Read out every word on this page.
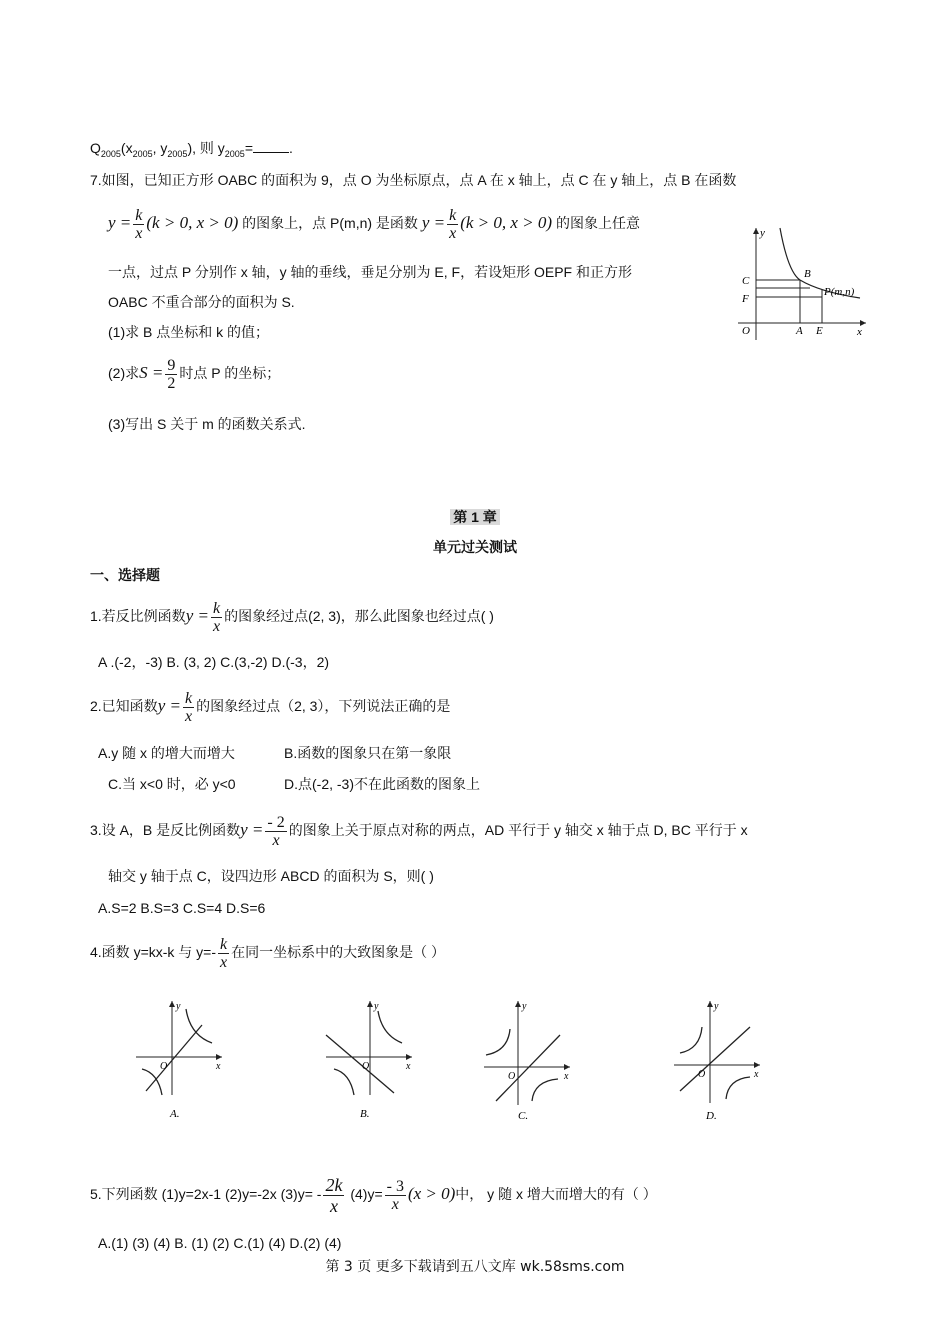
$Q_{2005}(x_{2005}$, $y_{2005}$), 则 $y_{2005}=$	.
7.如图，已知正方形 OABC 的面积为 9，点 O 为坐标原点，点 A 在 x 轴上，点 C 在 y 轴上，点 B 在函数
$y = \frac{k}{x} (k > 0$, x > 0) 的图象上，点 P(m,n) 是函数 $y = \frac{k}{x} (k > 0$, x > 0) 的图象上任意
一点，过点 P 分别作 x 轴，y 轴的垂线，垂足分别为 E, F，若设矩形 OEPF 和正方形
OABC 不重合部分的面积为 S.
(1)求 B 点坐标和 k 的值；
(2)求$S = \frac{9}{2}$ 时点 P 的坐标；
(3)写出 S 关于 m 的函数关系式.
y
x
O	A E
C
F
B
P(m,n)
第 1 章
单元过关测试
一、选择题
1.若反比例函数$y = \frac{k}{x}$ 的图象经过点(2, 3)，那么此图象也经过点( )
A .(-2，-3) B. (3, 2) C.(3,-2) D.(-3，2)
2.已知函数$y = \frac{k}{x}$ 的图象经过点（2, 3），下列说法正确的是
A.y 随 x 的增大而增大	B.函数的图象只在第一象限
C.当 x<0 时，必 y<0	D.点(-2, -3)不在此函数的图象上
3.设 A，B 是反比例函数$y = \frac{- 2}{x}$ 的图象上关于原点对称的两点，AD 平行于 y 轴交 x 轴于点 D, BC 平行于 x
轴交 y 轴于点 C，设四边形 ABCD 的面积为 S，则( )
A.S=2 B.S=3 C.S=4 D.S=6
4.函数 y=kx-k 与 $y=- \frac{k}{x}$ 在同一坐标系中的大致图象是（ ）
y
x
O
A.
y
x
O
B.
y
x
O
C.
y
x
O
D.
5.下列函数 (1)y=2x-1 (2)y=-2x $(3)y= - \frac{2k}{x} (4)y= \frac{- 3}{x} (x > 0)$中， y 随 x 增大而增大的有（ ）
A.(1) (3) (4) B. (1) (2) C.(1) (4) D.(2) (4)
第 3 页 更多下载请到五八文库 wk.58sms.com
